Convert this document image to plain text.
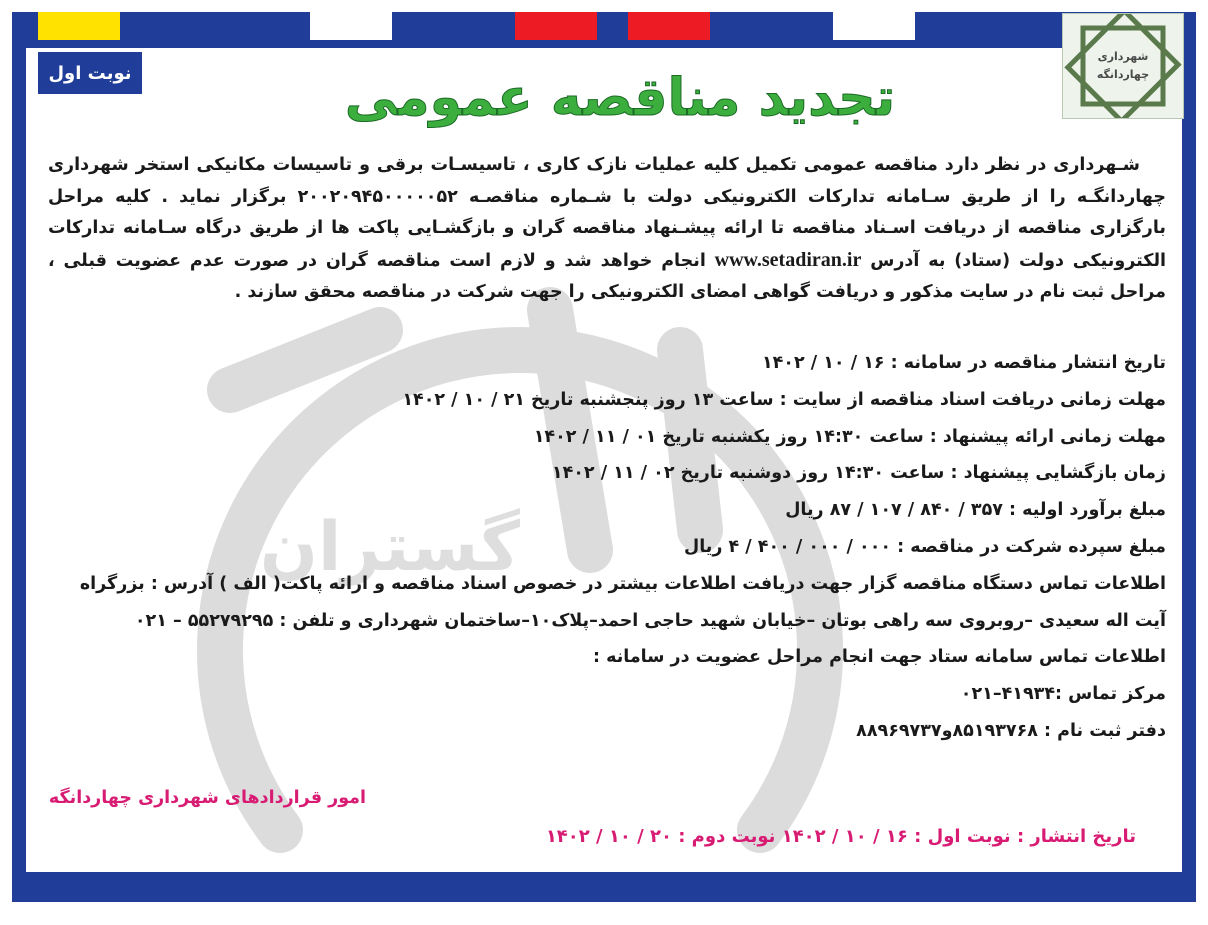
گستران
شهرداری
چهاردانگه
نوبت اول	تجدید مناقصه عمومی

شـهرداری در نظر دارد مناقصه عمومی تکمیل کلیه عملیات نازک کاری ، تاسیسـات برقی و تاسیسات مکانیکی استخر شهرداری چهاردانگـه را از طریق سـامانه تدارکات الکترونیکی دولت با شـماره مناقصـه ۲۰۰۲۰۹۴۵۰۰۰۰۰۵۲ برگزار نماید . کلیه مراحل بارگزاری مناقصه از دریافت اسـناد مناقصه تا ارائه پیشـنهاد مناقصه گران و بازگشـایی پاکت ها از طریق درگاه سـامانه تدارکات الکترونیکی دولت (ستاد) به آدرس www.setadiran.ir انجام خواهد شد و لازم است مناقصه گران در صورت عدم عضویت قبلی ، مراحل ثبت نام در سایت مذکور و دریافت گواهی امضای الکترونیکی را جهت شرکت در مناقصه محقق سازند .

تاریخ انتشار مناقصه در سامانه : ۱۶ / ۱۰ / ۱۴۰۲
مهلت زمانی دریافت اسناد مناقصه از سایت : ساعت ۱۳ روز پنجشنبه تاریخ ۲۱ / ۱۰ / ۱۴۰۲
مهلت زمانی ارائه پیشنهاد : ساعت ۱۴:۳۰ روز یکشنبه تاریخ ۰۱ / ۱۱ / ۱۴۰۲
زمان بازگشایی پیشنهاد : ساعت ۱۴:۳۰ روز دوشنبه تاریخ ۰۲ / ۱۱ / ۱۴۰۲
مبلغ برآورد اولیه : ۳۵۷ / ۸۴۰ / ۱۰۷ / ۸۷ ریال
مبلغ سپرده شرکت در مناقصه : ۰۰۰ / ۰۰۰ / ۴۰۰ / ۴ ریال
اطلاعات تماس دستگاه مناقصه گزار جهت دریافت اطلاعات بیشتر در خصوص اسناد مناقصه و ارائه پاکت( الف ) آدرس : بزرگراه
آیت اله سعیدی –روبروی سه راهی بوتان –خیابان شهید حاجی احمد–پلاک۱۰–ساختمان شهرداری و تلفن : ۵۵۲۷۹۲۹۵ – ۰۲۱
اطلاعات تماس سامانه ستاد جهت انجام مراحل عضویت در سامانه :
مرکز تماس :۴۱۹۳۴–۰۲۱
دفتر ثبت نام : ۸۵۱۹۳۷۶۸و۸۸۹۶۹۷۳۷
امور قراردادهای شهرداری چهاردانگه
تاریخ انتشار : نوبت اول : ۱۶ / ۱۰ / ۱۴۰۲ نوبت دوم : ۲۰ / ۱۰ / ۱۴۰۲
